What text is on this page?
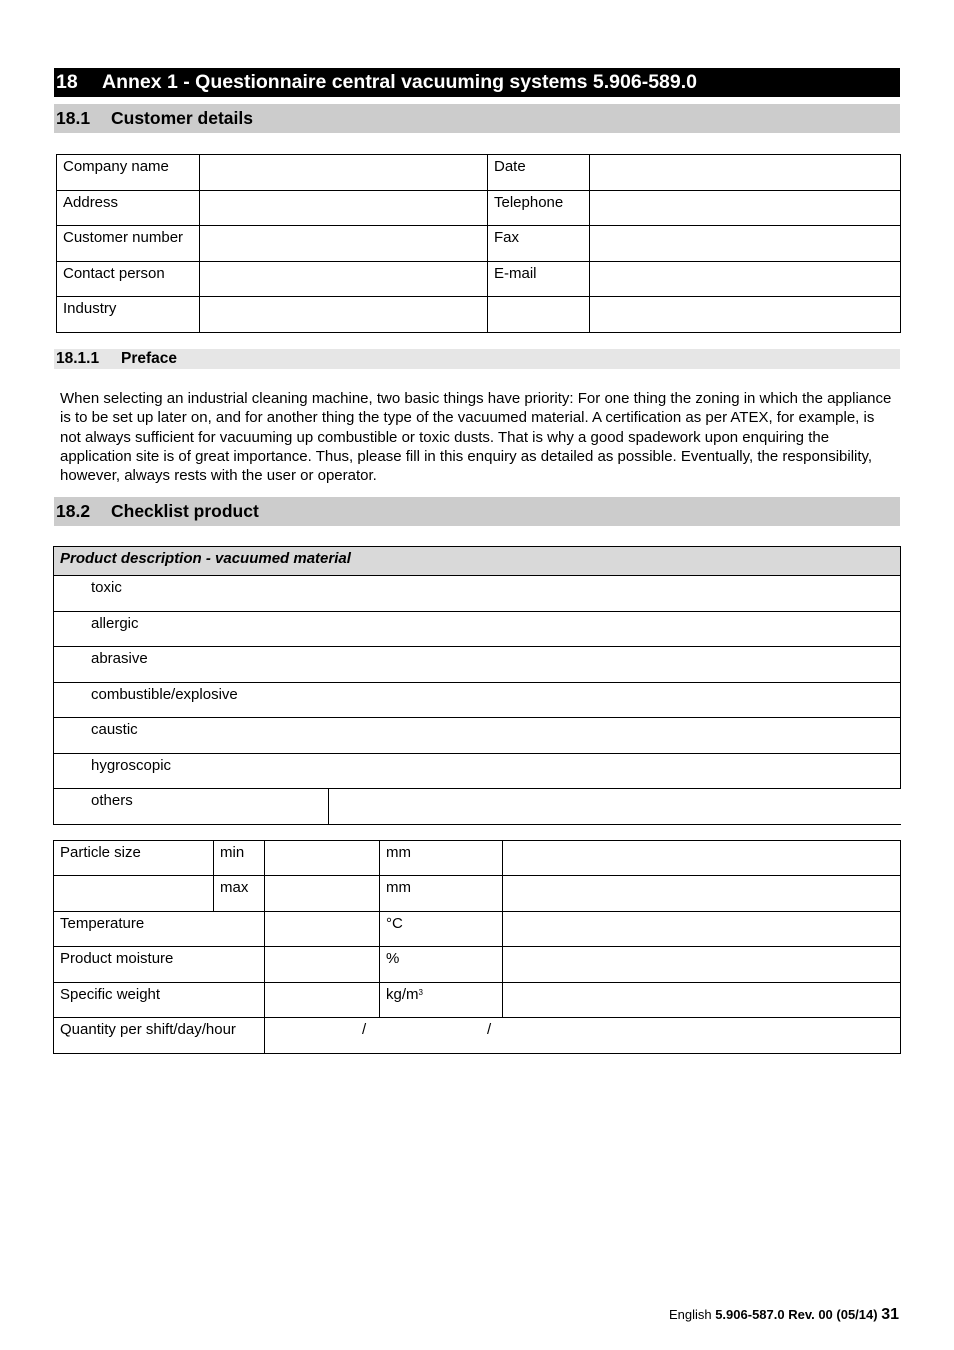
18 Annex 1 - Questionnaire central vacuuming systems 5.906-589.0
18.1 Customer details
Company name		Date	
Address		Telephone	
Customer number		Fax	
Contact person		E-mail	
Industry			
18.1.1 Preface
When selecting an industrial cleaning machine, two basic things have priority: For one thing the zoning in which the appliance is to be set up later on, and for another thing the type of the vacuumed material. A certification as per ATEX, for example, is not always sufficient for vacuuming up combustible or toxic dusts. That is why a good spadework upon enquiring the application site is of great importance. Thus, please fill in this enquiry as detailed as possible. Eventually, the responsibility, however, always rests with the user or operator.
18.2 Checklist product
Product description - vacuumed material
toxic
allergic
abrasive
combustible/explosive
caustic
hygroscopic
others	
Particle size	min		mm	
	max		mm	
Temperature			°C	
Product moisture			%	
Specific weight			$kg/m^3$	
Quantity per shift/day/hour		/ /		
English 5.906-587.0 Rev. 00 (05/14) 31
